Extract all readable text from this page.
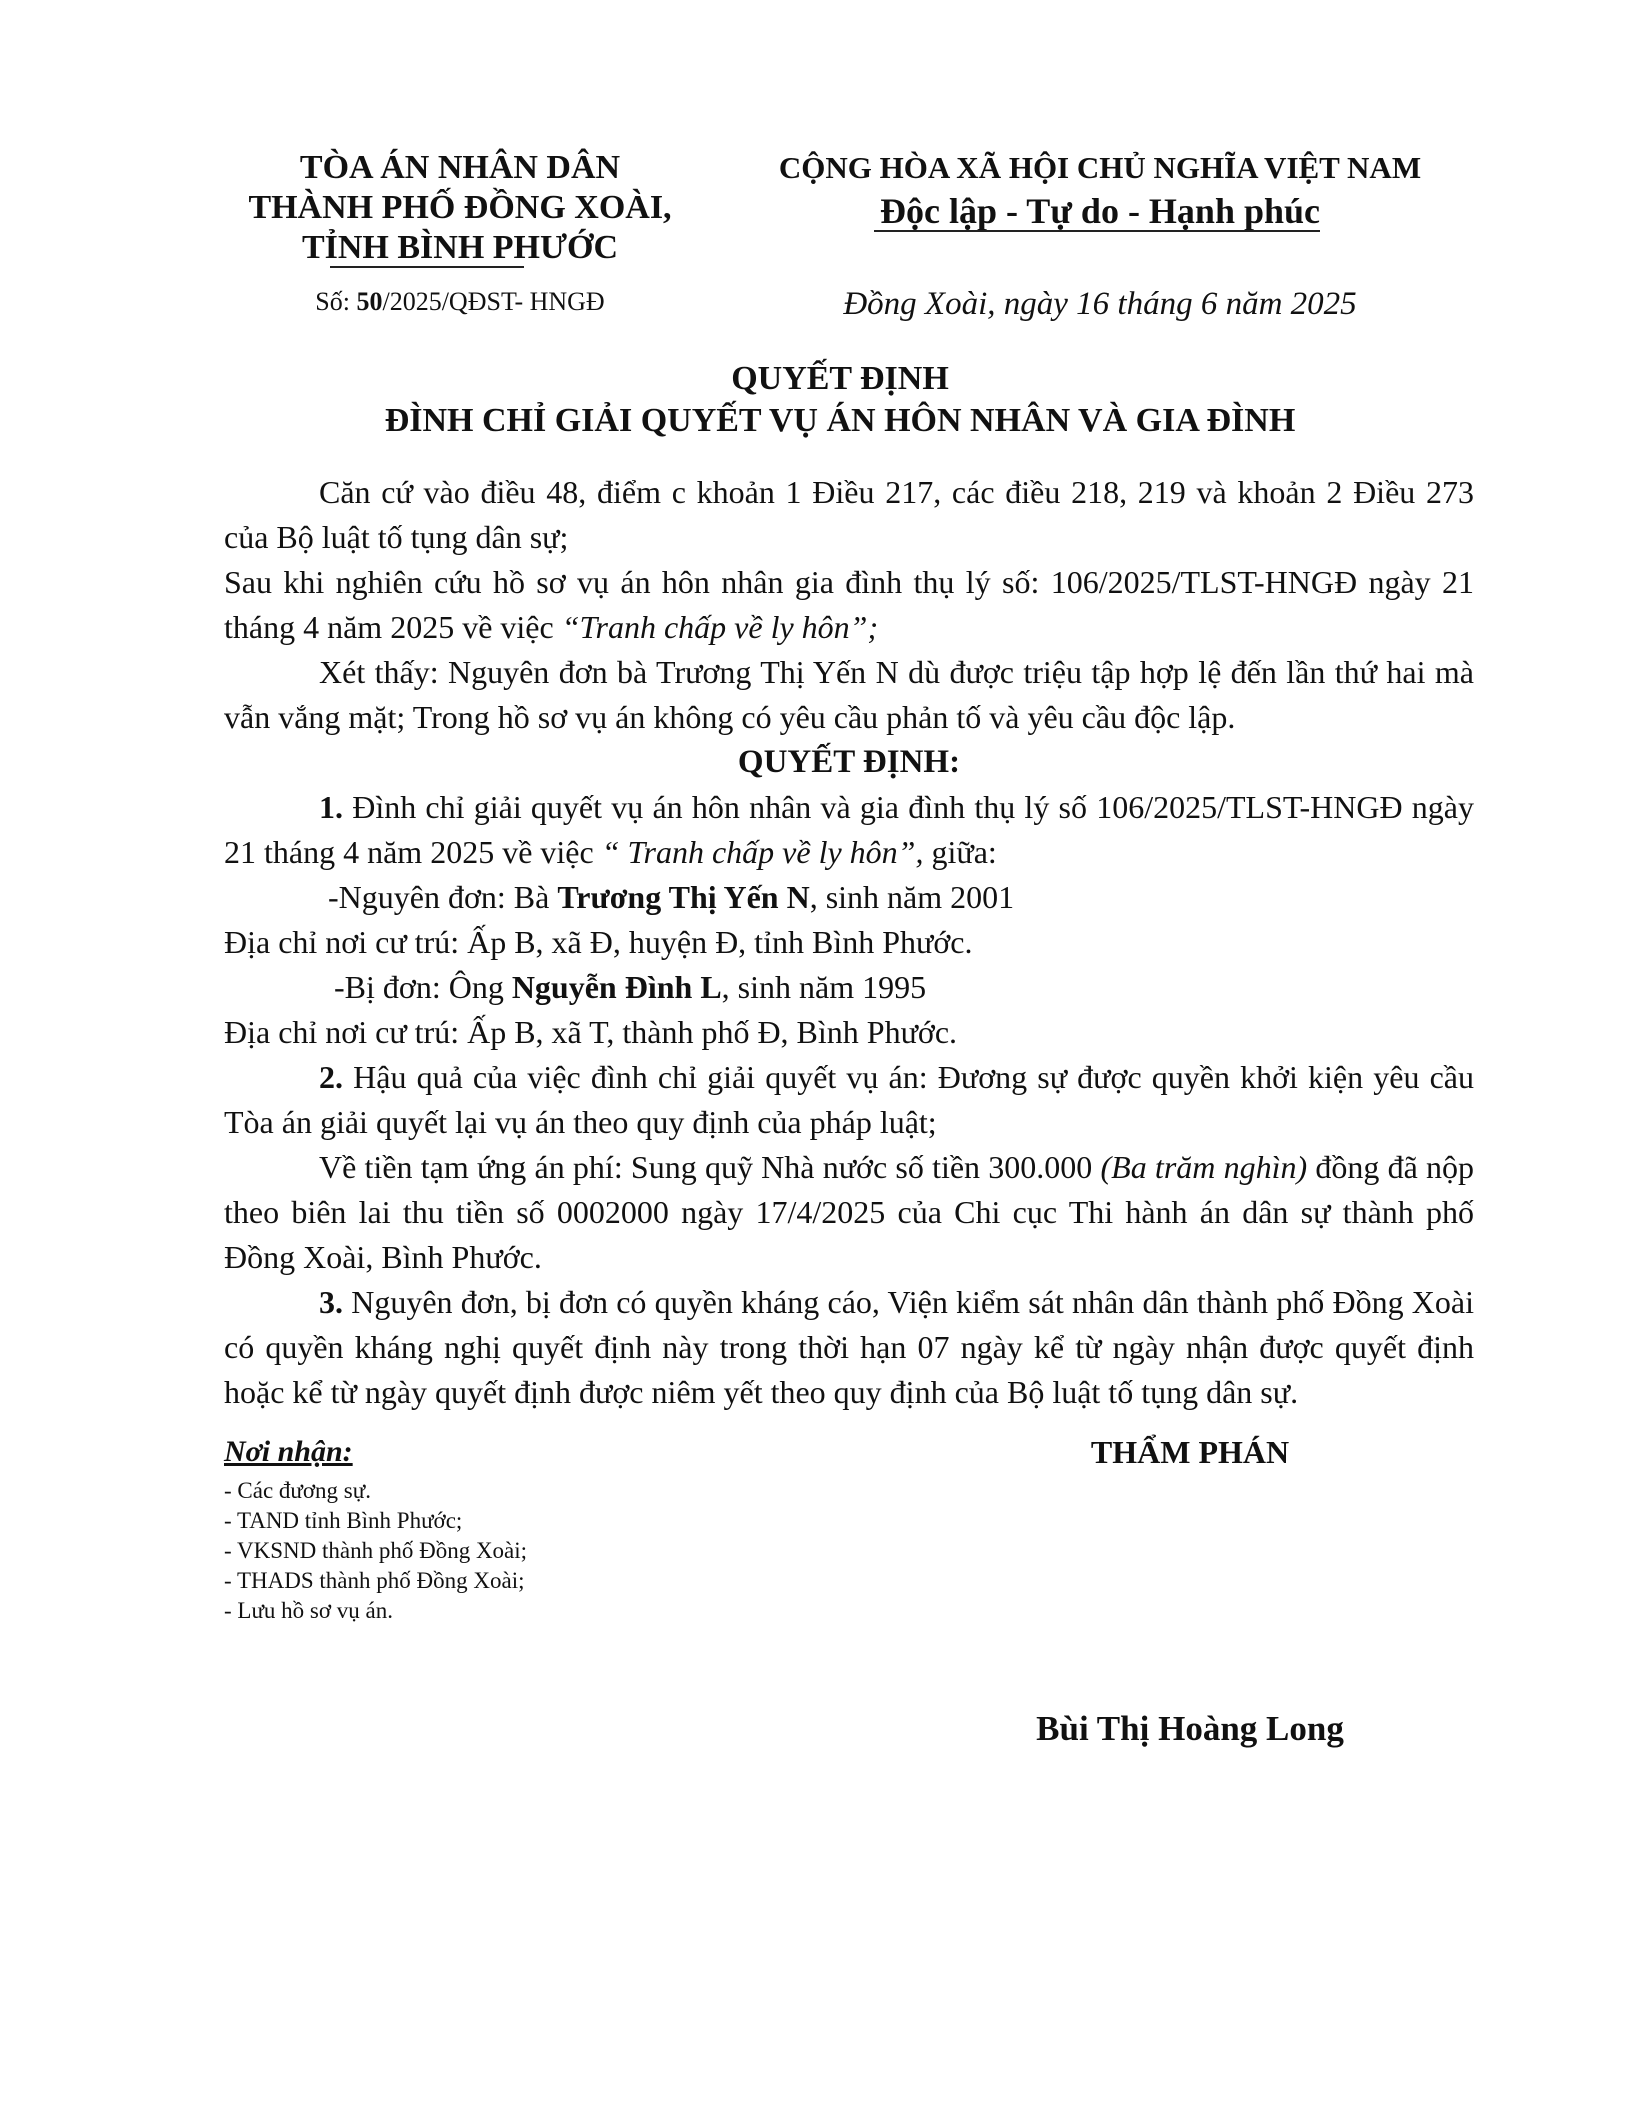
TÒA ÁN NHÂN DÂN
THÀNH PHỐ ĐỒNG XOÀI,
TỈNH BÌNH PHƯỚC
Số: 50/2025/QĐST- HNGĐ
CỘNG HÒA XÃ HỘI CHỦ NGHĨA VIỆT NAM
Độc lập - Tự do - Hạnh phúc
Đồng Xoài, ngày 16 tháng 6 năm 2025
QUYẾT ĐỊNH
ĐÌNH CHỈ GIẢI QUYẾT VỤ ÁN HÔN NHÂN VÀ GIA ĐÌNH

Căn cứ vào điều 48, điểm c khoản 1 Điều 217, các điều 218, 219 và khoản 2 Điều 273 của Bộ luật tố tụng dân sự;

Sau khi nghiên cứu hồ sơ vụ án hôn nhân gia đình thụ lý số: 106/2025/TLST-HNGĐ ngày 21 tháng 4 năm 2025 về việc “Tranh chấp về ly hôn”;

Xét thấy: Nguyên đơn bà Trương Thị Yến N dù được triệu tập hợp lệ đến lần thứ hai mà vẫn vắng mặt; Trong hồ sơ vụ án không có yêu cầu phản tố và yêu cầu độc lập.

QUYẾT ĐỊNH:

1. Đình chỉ giải quyết vụ án hôn nhân và gia đình thụ lý số 106/2025/TLST-HNGĐ ngày 21 tháng 4 năm 2025 về việc “ Tranh chấp về ly hôn”, giữa:

-Nguyên đơn: Bà Trương Thị Yến N, sinh năm 2001

Địa chỉ nơi cư trú: Ấp B, xã Đ, huyện Đ, tỉnh Bình Phước.

-Bị đơn: Ông Nguyễn Đình L, sinh năm 1995

Địa chỉ nơi cư trú: Ấp B, xã T, thành phố Đ, Bình Phước.

2. Hậu quả của việc đình chỉ giải quyết vụ án: Đương sự được quyền khởi kiện yêu cầu Tòa án giải quyết lại vụ án theo quy định của pháp luật;

Về tiền tạm ứng án phí: Sung quỹ Nhà nước số tiền 300.000 (Ba trăm nghìn) đồng đã nộp theo biên lai thu tiền số 0002000 ngày 17/4/2025 của Chi cục Thi hành án dân sự thành phố Đồng Xoài, Bình Phước.

3. Nguyên đơn, bị đơn có quyền kháng cáo, Viện kiểm sát nhân dân thành phố Đồng Xoài có quyền kháng nghị quyết định này trong thời hạn 07 ngày kể từ ngày nhận được quyết định hoặc kể từ ngày quyết định được niêm yết theo quy định của Bộ luật tố tụng dân sự.

Nơi nhận:
- Các đương sự.
- TAND tỉnh Bình Phước;
- VKSND thành phố Đồng Xoài;
- THADS thành phố Đồng Xoài;
- Lưu hồ sơ vụ án.
THẨM PHÁN
Bùi Thị Hoàng Long
